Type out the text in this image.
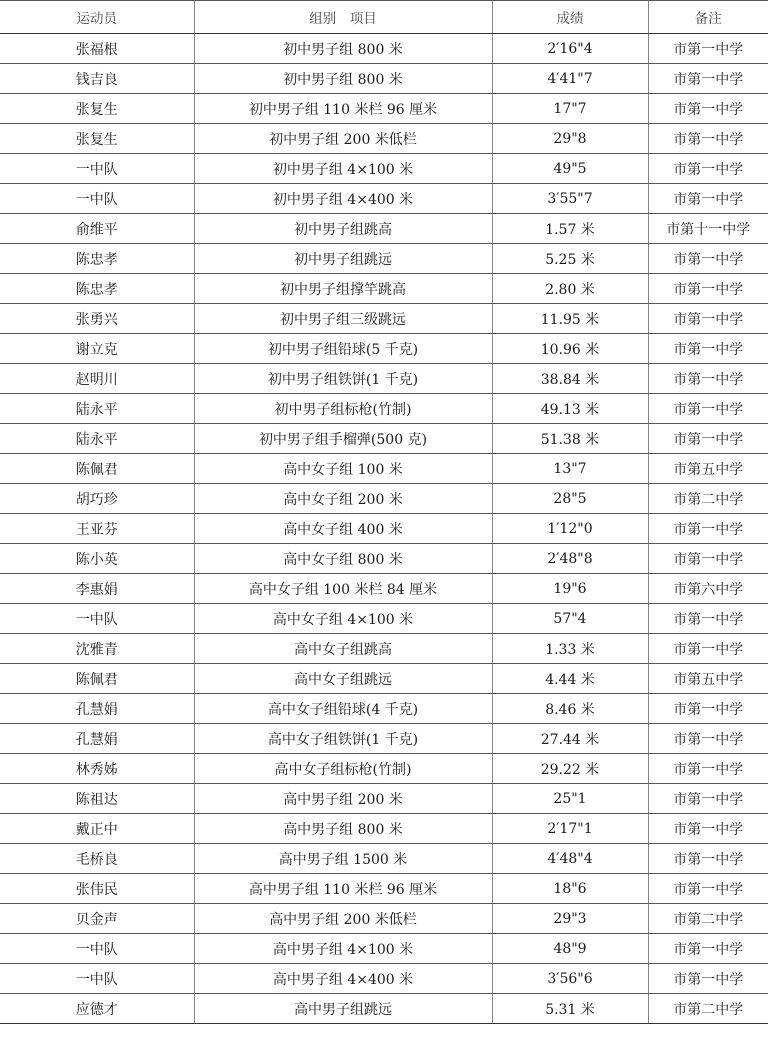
运动员	组别　项目	成绩	备注
张福根	初中男子组 800 米	2′16"4	市第一中学
钱吉良	初中男子组 800 米	4′41"7	市第一中学
张复生	初中男子组 110 米栏 96 厘米	17"7	市第一中学
张复生	初中男子组 200 米低栏	29"8	市第一中学
一中队	初中男子组 4×100 米	49"5	市第一中学
一中队	初中男子组 4×400 米	3′55"7	市第一中学
俞维平	初中男子组跳高	1.57 米	市第十一中学
陈忠孝	初中男子组跳远	5.25 米	市第一中学
陈忠孝	初中男子组撑竿跳高	2.80 米	市第一中学
张勇兴	初中男子组三级跳远	11.95 米	市第一中学
谢立克	初中男子组铅球(5 千克)	10.96 米	市第一中学
赵明川	初中男子组铁饼(1 千克)	38.84 米	市第一中学
陆永平	初中男子组标枪(竹制)	49.13 米	市第一中学
陆永平	初中男子组手榴弹(500 克)	51.38 米	市第一中学
陈佩君	高中女子组 100 米	13"7	市第五中学
胡巧珍	高中女子组 200 米	28"5	市第二中学
王亚芬	高中女子组 400 米	1′12"0	市第一中学
陈小英	高中女子组 800 米	2′48"8	市第一中学
李惠娟	高中女子组 100 米栏 84 厘米	19"6	市第六中学
一中队	高中女子组 4×100 米	57"4	市第一中学
沈雅青	高中女子组跳高	1.33 米	市第一中学
陈佩君	高中女子组跳远	4.44 米	市第五中学
孔慧娟	高中女子组铅球(4 千克)	8.46 米	市第一中学
孔慧娟	高中女子组铁饼(1 千克)	27.44 米	市第一中学
林秀姊	高中女子组标枪(竹制)	29.22 米	市第一中学
陈祖达	高中男子组 200 米	25"1	市第一中学
戴正中	高中男子组 800 米	2′17"1	市第一中学
毛桥良	高中男子组 1500 米	4′48"4	市第一中学
张伟民	高中男子组 110 米栏 96 厘米	18"6	市第一中学
贝金声	高中男子组 200 米低栏	29"3	市第二中学
一中队	高中男子组 4×100 米	48"9	市第一中学
一中队	高中男子组 4×400 米	3′56"6	市第一中学
应德才	高中男子组跳远	5.31 米	市第二中学
